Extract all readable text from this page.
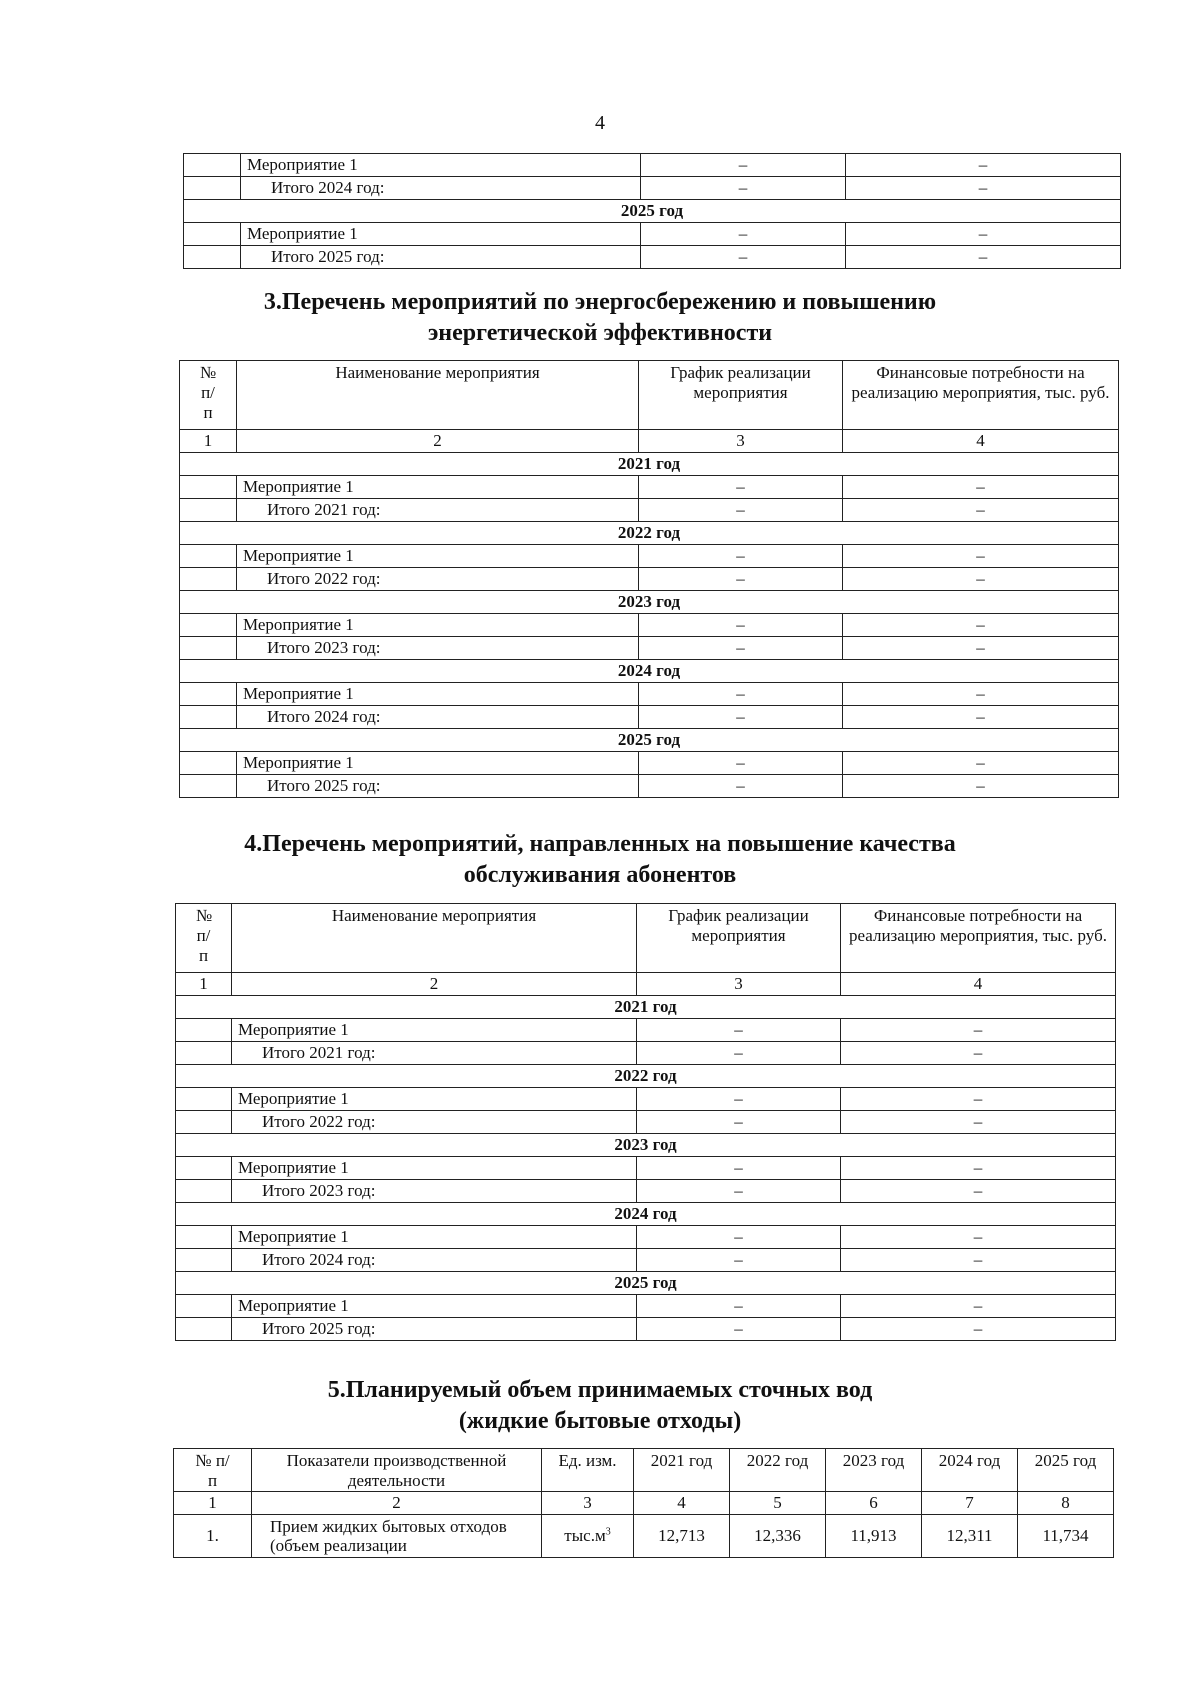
4
	Мероприятие 1	–	–
	Итого 2024 год:	–	–
2025 год			
	Мероприятие 1	–	–
	Итого 2025 год:	–	–
3.Перечень мероприятий по энергосбережению и повышению
энергетической эффективности
№ п/п	Наименование мероприятия	График реализации мероприятия	Финансовые потребности на реализацию мероприятия, тыс. руб.
1	2	3	4
2021 год			
	Мероприятие 1	–	–
	Итого 2021 год:	–	–
2022 год			
	Мероприятие 1	–	–
	Итого 2022 год:	–	–
2023 год			
	Мероприятие 1	–	–
	Итого 2023 год:	–	–
2024 год			
	Мероприятие 1	–	–
	Итого 2024 год:	–	–
2025 год			
	Мероприятие 1	–	–
	Итого 2025 год:	–	–
4.Перечень мероприятий, направленных на повышение качества
обслуживания абонентов
№ п/п	Наименование мероприятия	График реализации мероприятия	Финансовые потребности на реализацию мероприятия, тыс. руб.
1	2	3	4
2021 год			
	Мероприятие 1	–	–
	Итого 2021 год:	–	–
2022 год			
	Мероприятие 1	–	–
	Итого 2022 год:	–	–
2023 год			
	Мероприятие 1	–	–
	Итого 2023 год:	–	–
2024 год			
	Мероприятие 1	–	–
	Итого 2024 год:	–	–
2025 год			
	Мероприятие 1	–	–
	Итого 2025 год:	–	–
5.Планируемый объем принимаемых сточных вод
(жидкие бытовые отходы)
№ п/п	Показатели производственной деятельности	Ед. изм.	2021 год	2022 год	2023 год	2024 год	2025 год
1	2	3	4	5	6	7	8
1.	Прием жидких бытовых отходов (объем реализации	$тыс.м^3$	12,713	12,336	11,913	12,311	11,734
